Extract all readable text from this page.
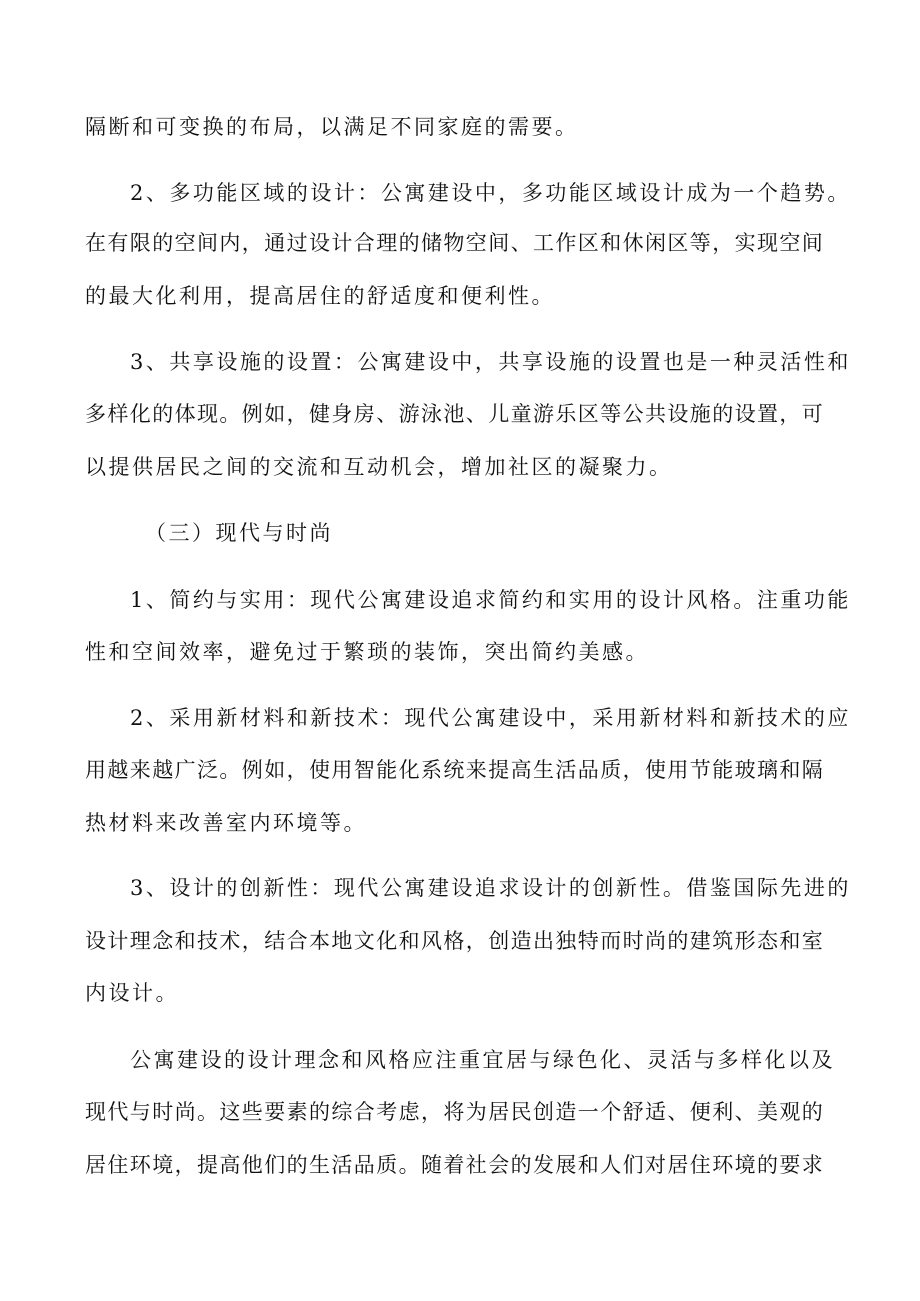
隔断和可变换的布局，以满足不同家庭的需要。
2、多功能区域的设计：公寓建设中，多功能区域设计成为一个趋势。
在有限的空间内，通过设计合理的储物空间、工作区和休闲区等，实现空间
的最大化利用，提高居住的舒适度和便利性。
3、共享设施的设置：公寓建设中，共享设施的设置也是一种灵活性和
多样化的体现。例如，健身房、游泳池、儿童游乐区等公共设施的设置，可
以提供居民之间的交流和互动机会，增加社区的凝聚力。
（三）现代与时尚
1、简约与实用：现代公寓建设追求简约和实用的设计风格。注重功能
性和空间效率，避免过于繁琐的装饰，突出简约美感。
2、采用新材料和新技术：现代公寓建设中，采用新材料和新技术的应
用越来越广泛。例如，使用智能化系统来提高生活品质，使用节能玻璃和隔
热材料来改善室内环境等。
3、设计的创新性：现代公寓建设追求设计的创新性。借鉴国际先进的
设计理念和技术，结合本地文化和风格，创造出独特而时尚的建筑形态和室
内设计。
公寓建设的设计理念和风格应注重宜居与绿色化、灵活与多样化以及
现代与时尚。这些要素的综合考虑，将为居民创造一个舒适、便利、美观的
居住环境，提高他们的生活品质。随着社会的发展和人们对居住环境的要求
